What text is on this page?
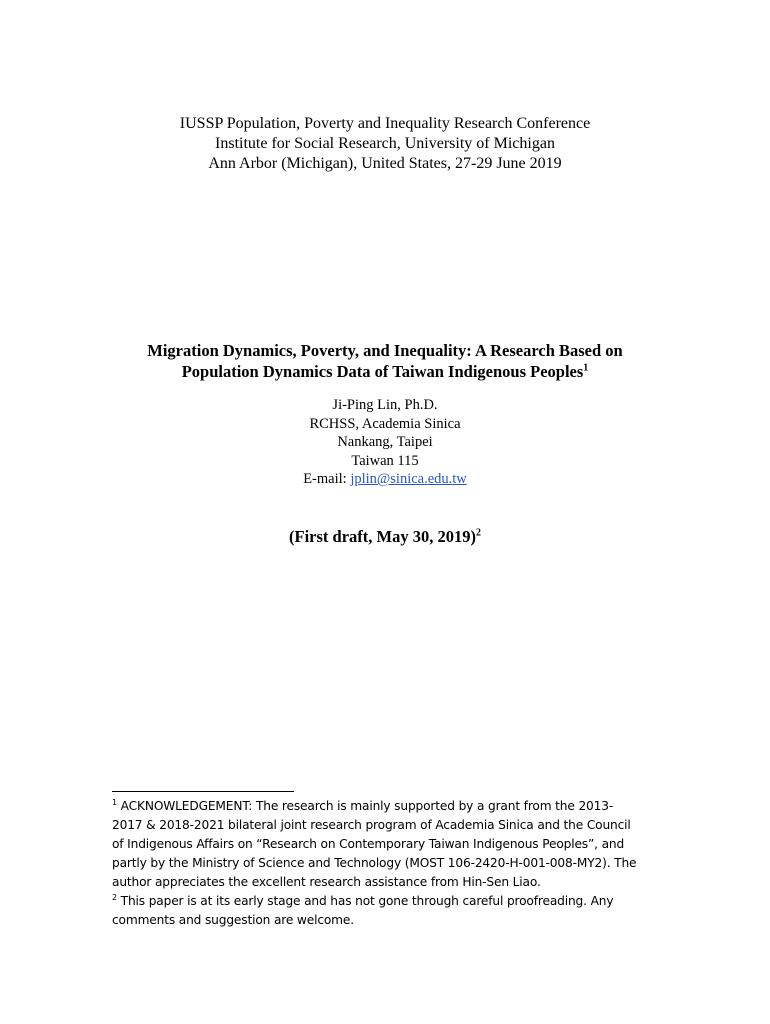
IUSSP Population, Poverty and Inequality Research Conference
Institute for Social Research, University of Michigan
Ann Arbor (Michigan), United States, 27-29 June 2019
Migration Dynamics, Poverty, and Inequality: A Research Based on
Population Dynamics Data of Taiwan Indigenous Peoples$^1$
Ji-Ping Lin, Ph.D.
RCHSS, Academia Sinica
Nankang, Taipei
Taiwan 115
E-mail: jplin@sinica.edu.tw
(First draft, May 30, 2019)$^2$

$^1$ ACKNOWLEDGEMENT: The research is mainly supported by a grant from the 2013-
2017 & 2018-2021 bilateral joint research program of Academia Sinica and the Council
of Indigenous Affairs on “Research on Contemporary Taiwan Indigenous Peoples”, and
partly by the Ministry of Science and Technology (MOST 106-2420-H-001-008-MY2). The
author appreciates the excellent research assistance from Hin-Sen Liao.

$^2$ This paper is at its early stage and has not gone through careful proofreading. Any
comments and suggestion are welcome.
